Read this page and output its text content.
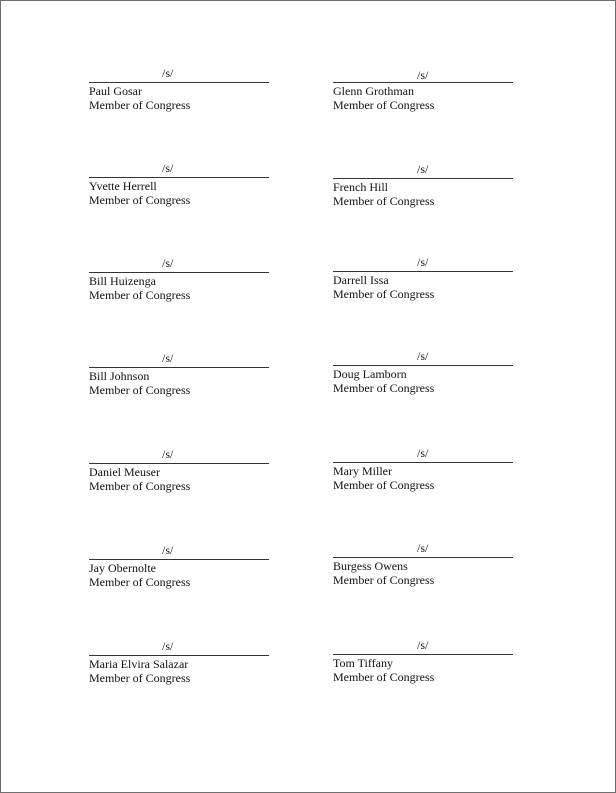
/s/
Paul Gosar
Member of Congress
/s/
Glenn Grothman
Member of Congress
/s/
Yvette Herrell
Member of Congress
/s/
French Hill
Member of Congress
/s/
Bill Huizenga
Member of Congress
/s/
Darrell Issa
Member of Congress
/s/
Bill Johnson
Member of Congress
/s/
Doug Lamborn
Member of Congress
/s/
Daniel Meuser
Member of Congress
/s/
Mary Miller
Member of Congress
/s/
Jay Obernolte
Member of Congress
/s/
Burgess Owens
Member of Congress
/s/
Maria Elvira Salazar
Member of Congress
/s/
Tom Tiffany
Member of Congress
